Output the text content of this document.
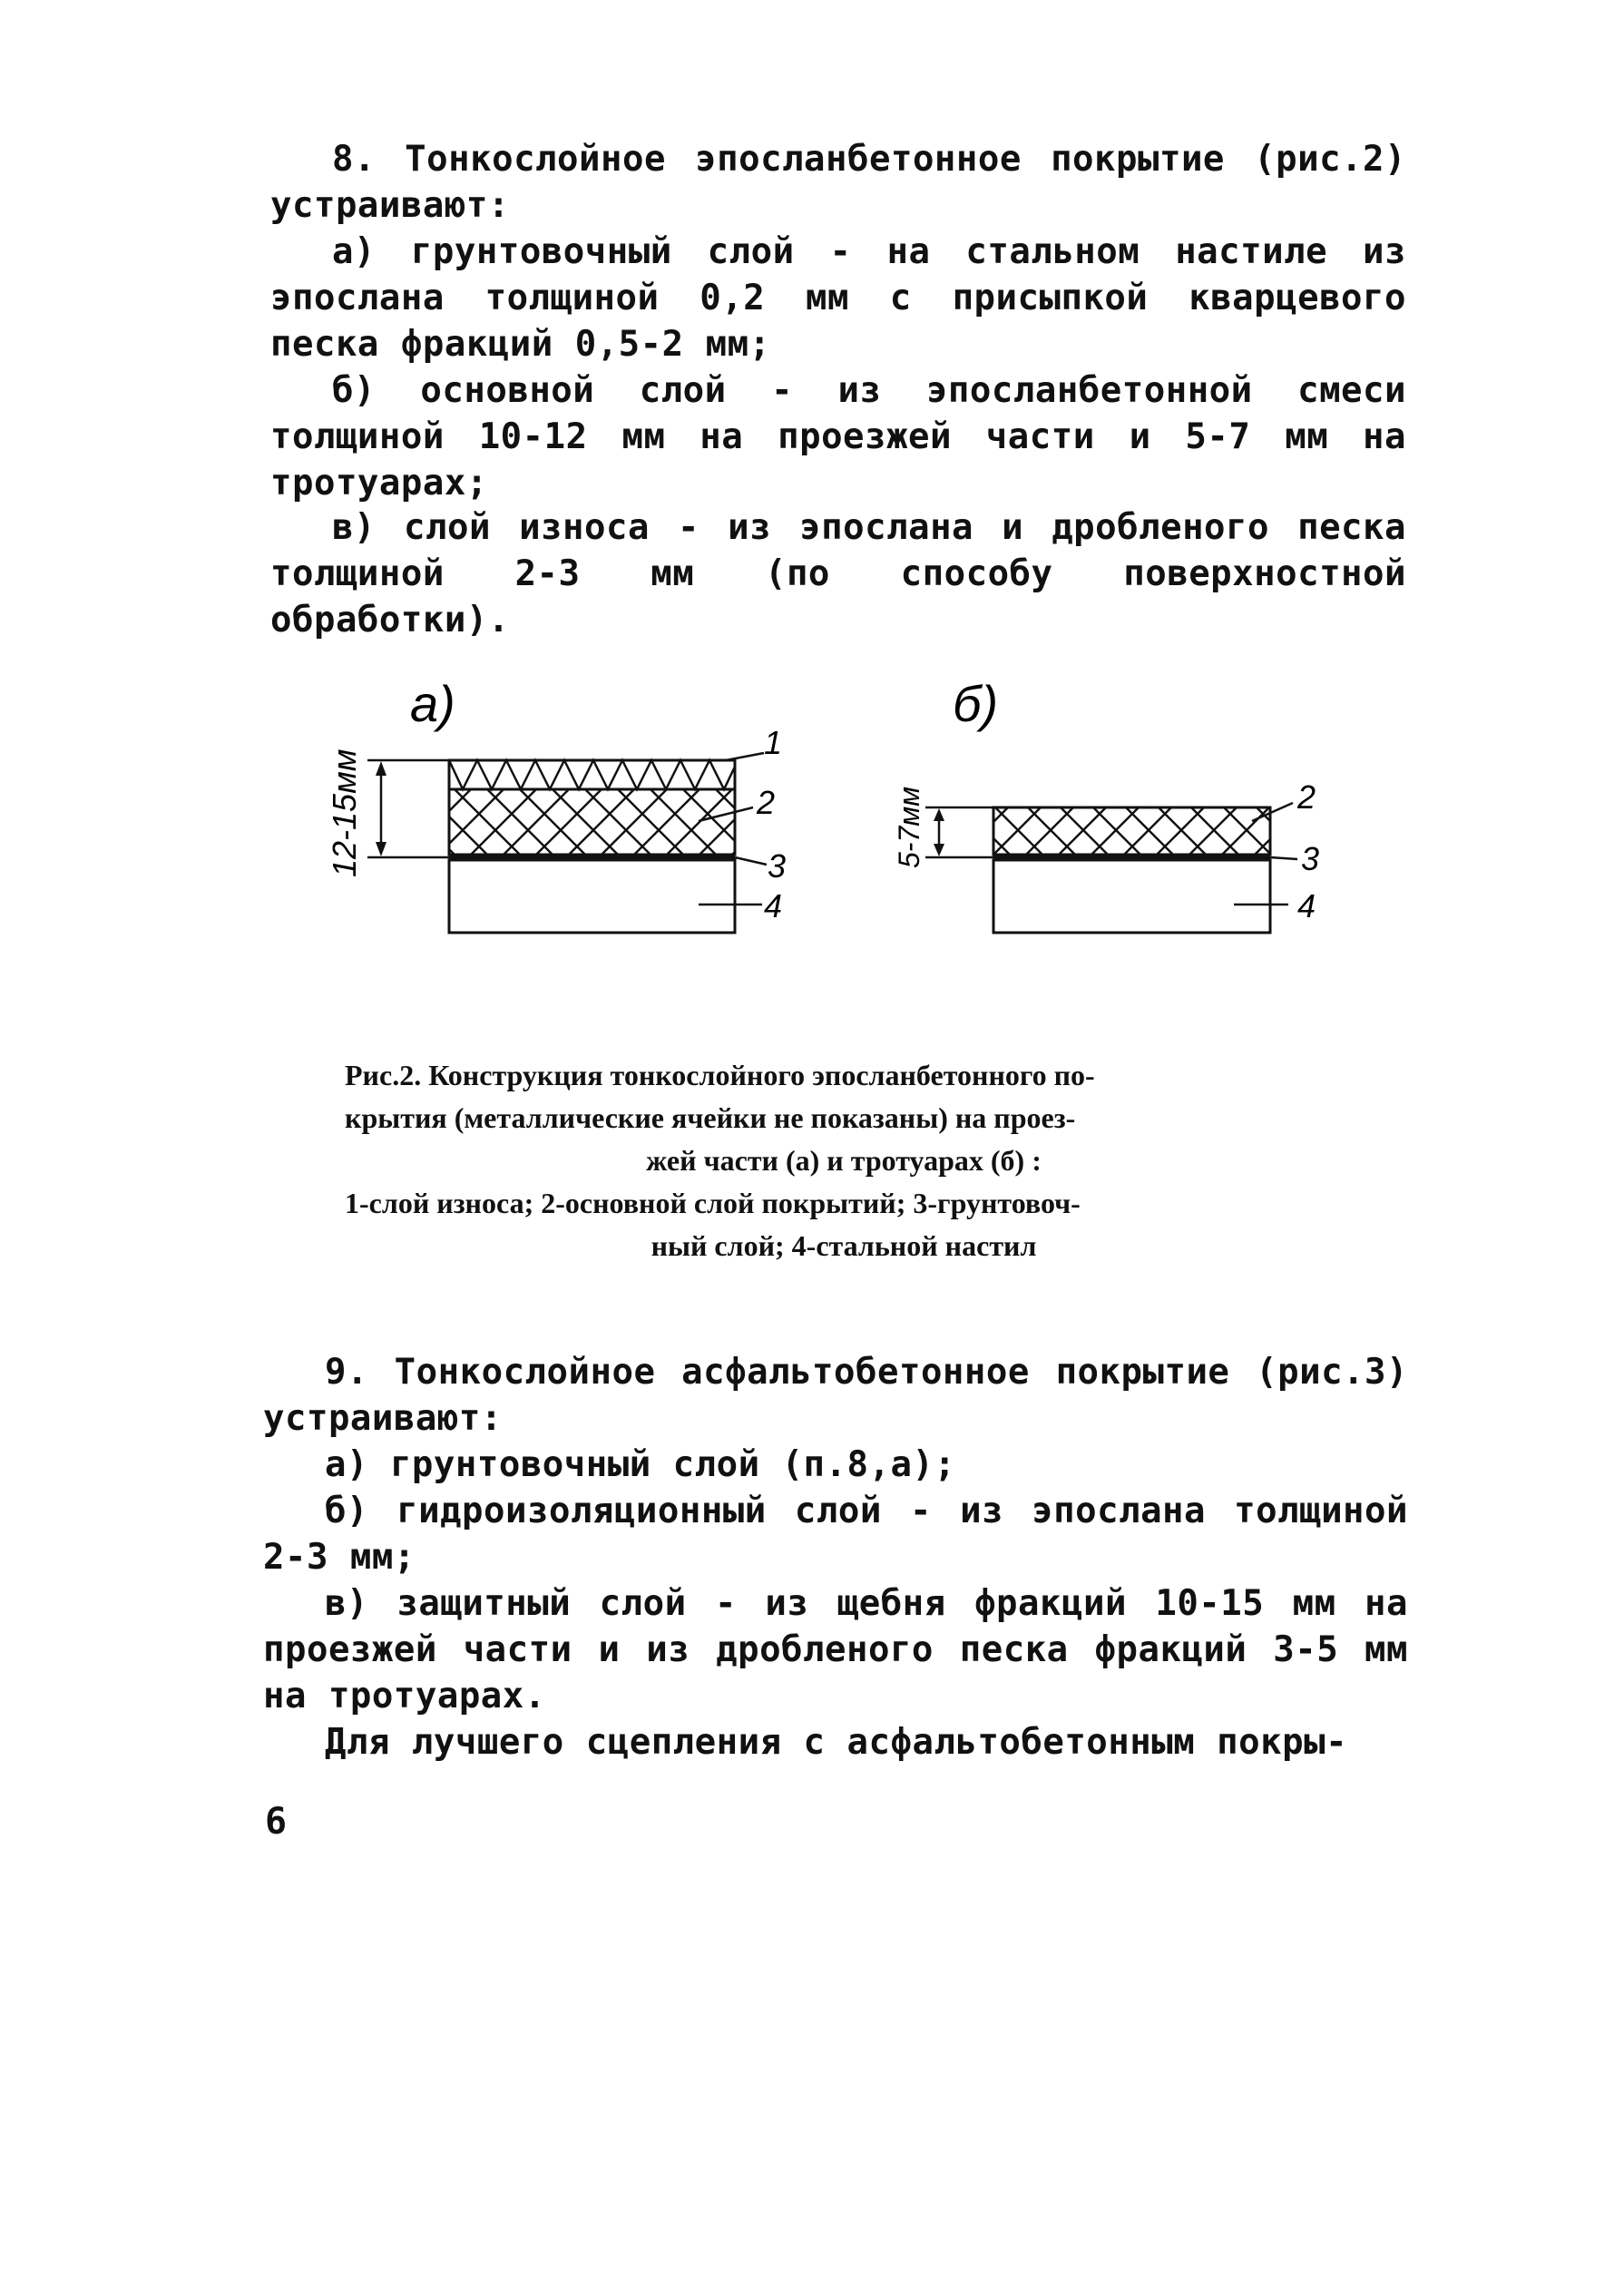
8. Тонкослойное эпосланбетонное покрытие (рис.2) устраивают:

а) грунтовочный слой - на стальном настиле из эпослана толщиной 0,2 мм с присыпкой кварцевого песка фракций 0,5-2 мм;

б) основной слой - из эпосланбетонной смеси толщиной 10-12 мм на проезжей части и 5-7 мм на тротуарах;

в) слой износа - из эпослана и дробленого песка толщиной 2-3 мм (по способу поверхностной обработки).

а)
12-15мм
1
2
3
4
б)
5-7мм	2
3
4
Рис.2. Конструкция тонкослойного эпосланбетонного по-
крытия (металлические ячейки не показаны) на проез-
жей части (а) и тротуарах (б) :
1-слой износа; 2-основной слой покрытий; 3-грунтовоч-
ный слой; 4-стальной настил

9. Тонкослойное асфальтобетонное покрытие (рис.3) устраивают:

а) грунтовочный слой (п.8,а);

б) гидроизоляционный слой - из эпослана толщиной 2-3 мм;

в) защитный слой - из щебня фракций 10-15 мм на проезжей части и из дробленого песка фракций 3-5 мм на тротуарах.

Для лучшего сцепления с асфальтобетонным покры-

6
